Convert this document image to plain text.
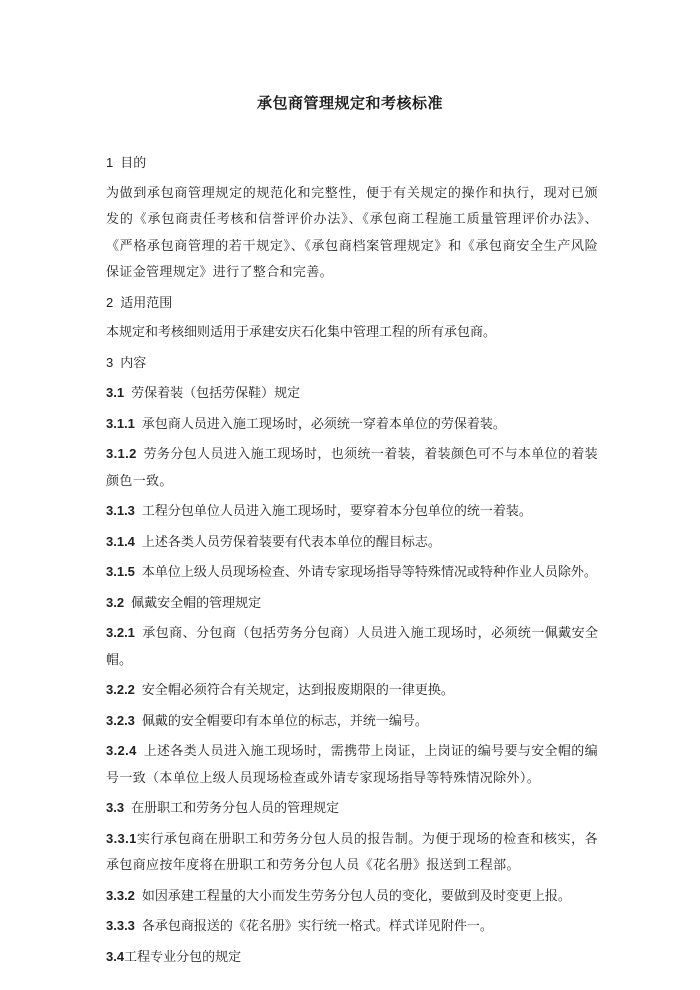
承包商管理规定和考核标准

1 目的

为做到承包商管理规定的规范化和完整性，便于有关规定的操作和执行，现对已颁发的《承包商责任考核和信誉评价办法》、《承包商工程施工质量管理评价办法》、《严格承包商管理的若干规定》、《承包商档案管理规定》和《承包商安全生产风险保证金管理规定》进行了整合和完善。

2 适用范围

本规定和考核细则适用于承建安庆石化集中管理工程的所有承包商。

3 内容

3.1 劳保着装（包括劳保鞋）规定

3.1.1 承包商人员进入施工现场时，必须统一穿着本单位的劳保着装。

3.1.2 劳务分包人员进入施工现场时，也须统一着装，着装颜色可不与本单位的着装颜色一致。

3.1.3 工程分包单位人员进入施工现场时，要穿着本分包单位的统一着装。

3.1.4 上述各类人员劳保着装要有代表本单位的醒目标志。

3.1.5 本单位上级人员现场检查、外请专家现场指导等特殊情况或特种作业人员除外。

3.2 佩戴安全帽的管理规定

3.2.1 承包商、分包商（包括劳务分包商）人员进入施工现场时，必须统一佩戴安全帽。

3.2.2 安全帽必须符合有关规定，达到报废期限的一律更换。

3.2.3 佩戴的安全帽要印有本单位的标志，并统一编号。

3.2.4 上述各类人员进入施工现场时，需携带上岗证，上岗证的编号要与安全帽的编号一致（本单位上级人员现场检查或外请专家现场指导等特殊情况除外）。

3.3 在册职工和劳务分包人员的管理规定

3.3.1实行承包商在册职工和劳务分包人员的报告制。为便于现场的检查和核实，各承包商应按年度将在册职工和劳务分包人员《花名册》报送到工程部。

3.3.2 如因承建工程量的大小而发生劳务分包人员的变化，要做到及时变更上报。

3.3.3 各承包商报送的《花名册》实行统一格式。样式详见附件一。

3.4工程专业分包的规定
